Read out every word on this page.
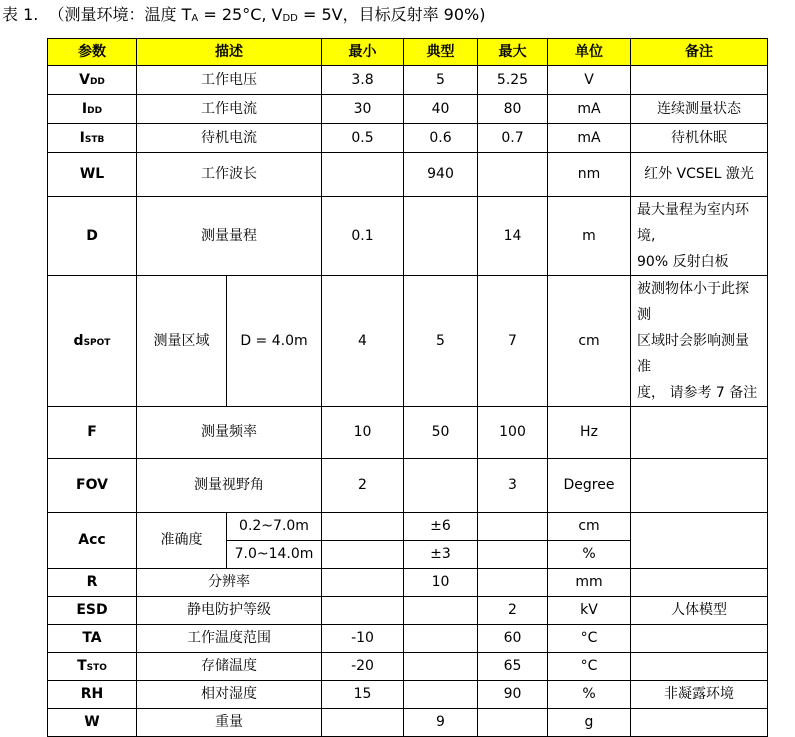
表 1. （测量环境：温度 $T_A = 25^\circ C$, $V_{DD} = 5V$，目标反射率 90%)
参数	描述		最小	典型	最大	单位	备注
VDD	工作电压		3.8	5	5.25	V	
IDD	工作电流		30	40	80	mA	连续测量状态
ISTB	待机电流		0.5	0.6	0.7	mA	待机休眠
WL	工作波长			940		nm	红外 VCSEL 激光
D	测量量程		0.1		14	m	最大量程为室内环境,
90% 反射白板

dSPOT	测量区域	D = 4.0m	4	5	7	cm	被测物体小于此探测
区域时会影响测量准
度， 请参考 7 备注

F	测量频率		10	50	100	Hz	
FOV	测量视野角		2		3	Degree	
Acc	准确度	0.2~7.0m		±6		cm	
		7.0~14.0m		±3		%	
R	分辨率			10		mm	
ESD	静电防护等级				2	kV	人体模型
TA	工作温度范围		-10		60	°C	
TSTO	存储温度		-20		65	°C	
RH	相对湿度		15		90	%	非凝露环境
W	重量			9		g	
